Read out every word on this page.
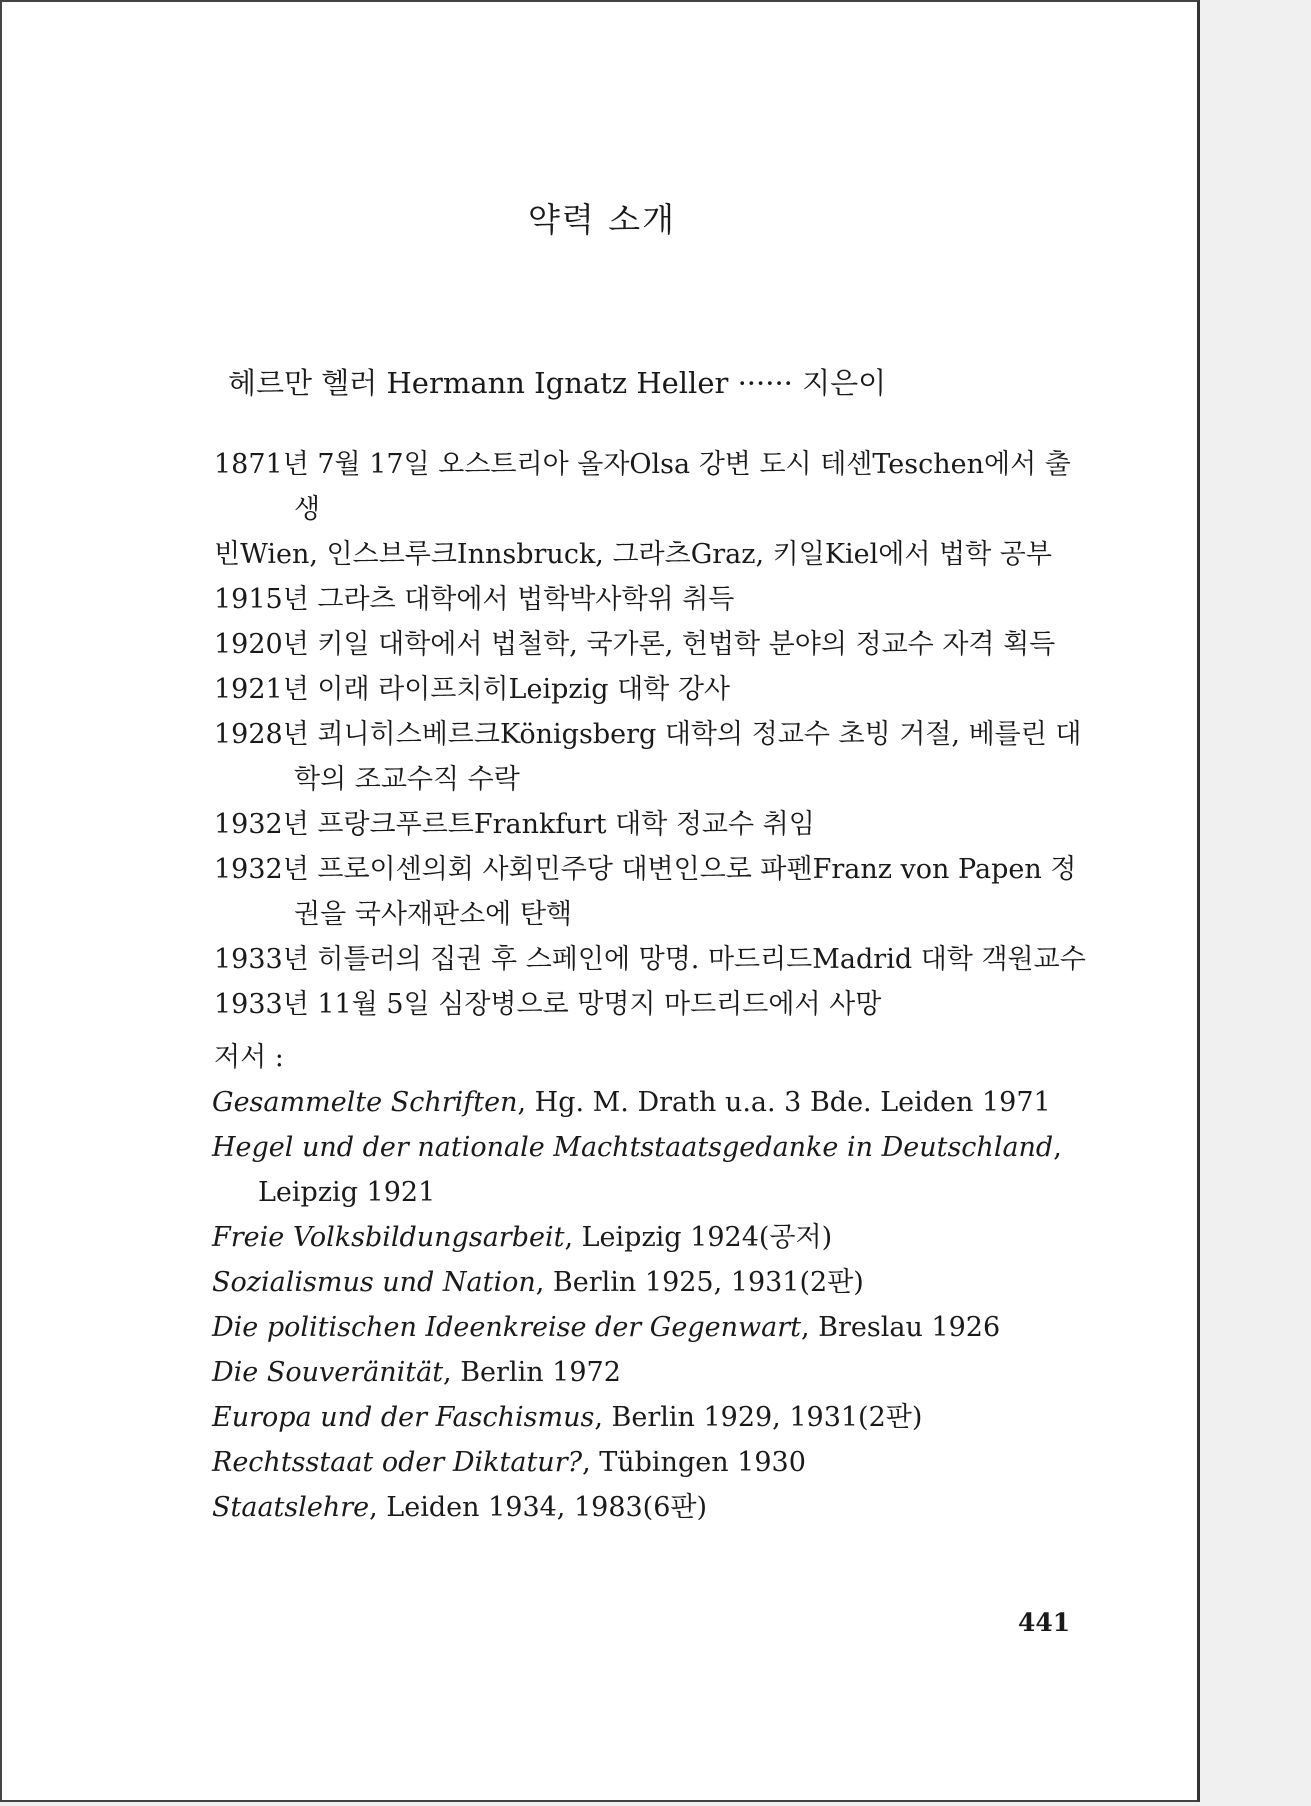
약력 소개
헤르만 헬러 Hermann Ignatz Heller ······ 지은이
1871년 7월 17일 오스트리아 올자Olsa 강변 도시 테센Teschen에서 출생
빈Wien, 인스브루크Innsbruck, 그라츠Graz, 키일Kiel에서 법학 공부
1915년 그라츠 대학에서 법학박사학위 취득
1920년 키일 대학에서 법철학, 국가론, 헌법학 분야의 정교수 자격 획득
1921년 이래 라이프치히Leipzig 대학 강사
1928년 쾨니히스베르크Königsberg 대학의 정교수 초빙 거절, 베를린 대학의 조교수직 수락
1932년 프랑크푸르트Frankfurt 대학 정교수 취임
1932년 프로이센의회 사회민주당 대변인으로 파펜Franz von Papen 정권을 국사재판소에 탄핵
1933년 히틀러의 집권 후 스페인에 망명. 마드리드Madrid 대학 객원교수
1933년 11월 5일 심장병으로 망명지 마드리드에서 사망
저서 :
Gesammelte Schriften, Hg. M. Drath u.a. 3 Bde. Leiden 1971
Hegel und der nationale Machtstaatsgedanke in Deutschland, Leipzig 1921
Freie Volksbildungsarbeit, Leipzig 1924(공저)
Sozialismus und Nation, Berlin 1925, 1931(2판)
Die politischen Ideenkreise der Gegenwart, Breslau 1926
Die Souveränität, Berlin 1972
Europa und der Faschismus, Berlin 1929, 1931(2판)
Rechtsstaat oder Diktatur?, Tübingen 1930
Staatslehre, Leiden 1934, 1983(6판)
441
